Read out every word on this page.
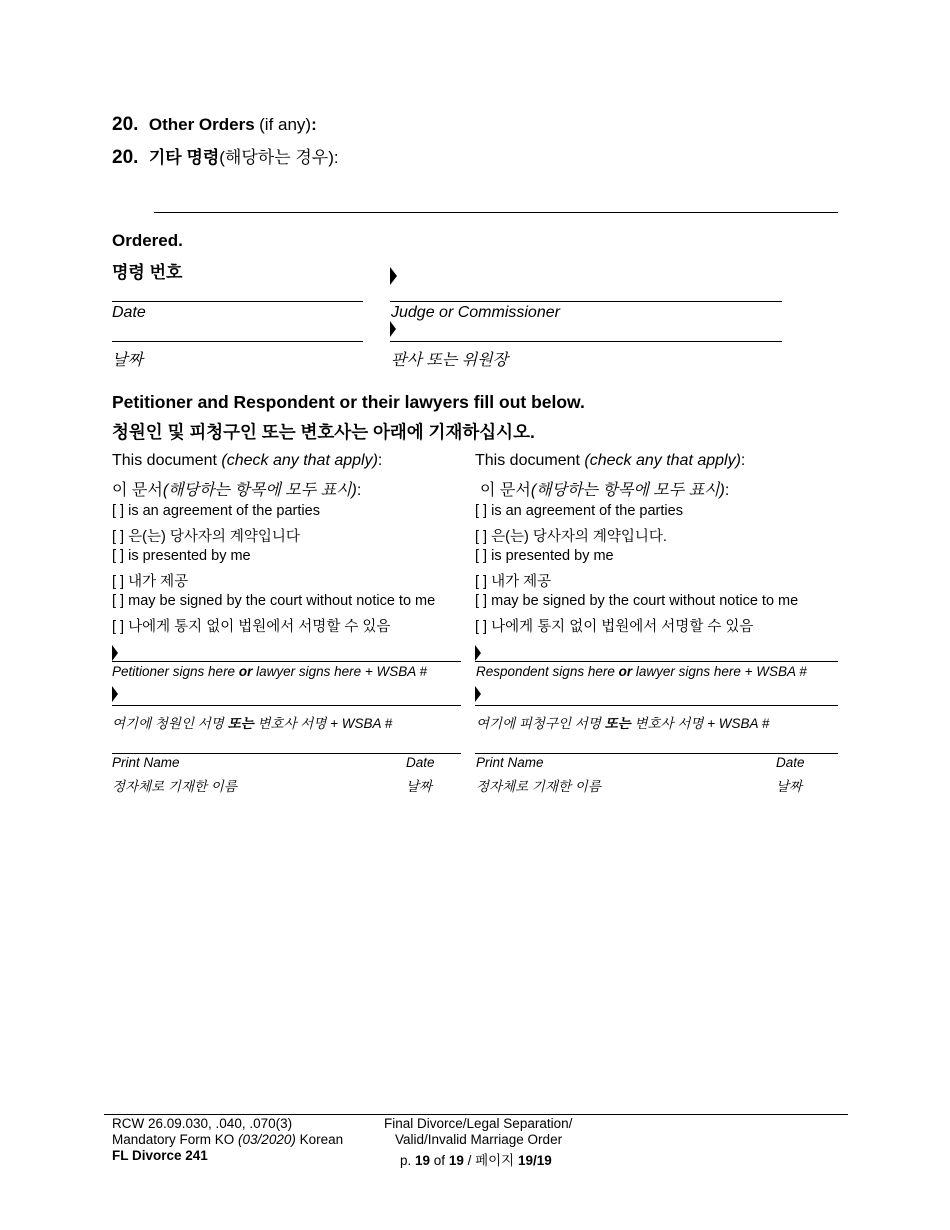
20. Other Orders (if any):
20. 기타 명령(해당하는 경우):
Ordered.
명령 번호
Date	Judge or Commissioner
날짜	판사 또는 위원장
Petitioner and Respondent or their lawyers fill out below.
청원인 및 피청구인 또는 변호사는 아래에 기재하십시오.
This document (check any that apply):
이 문서(해당하는 항목에 모두 표시):
[ ] is an agreement of the parties
[ ] 은(는) 당사자의 계약입니다
[ ] is presented by me
[ ] 내가 제공
[ ] may be signed by the court without notice to me
[ ] 나에게 통지 없이 법원에서 서명할 수 있음
Petitioner signs here or lawyer signs here + WSBA #
여기에 청원인 서명 또는 변호사 서명 + WSBA #
Print Name	Date
정자체로 기재한 이름	날짜
This document (check any that apply):
이 문서(해당하는 항목에 모두 표시):
[ ] is an agreement of the parties
[ ] 은(는) 당사자의 계약입니다.
[ ] is presented by me
[ ] 내가 제공
[ ] may be signed by the court without notice to me
[ ] 나에게 통지 없이 법원에서 서명할 수 있음
Respondent signs here or lawyer signs here + WSBA #
여기에 피청구인 서명 또는 변호사 서명 + WSBA #
Print Name	Date
정자체로 기재한 이름	날짜
RCW 26.09.030, .040, .070(3)
Mandatory Form KO (03/2020) Korean
FL Divorce 241
Final Divorce/Legal Separation/
Valid/Invalid Marriage Order
p. 19 of 19 / 페이지 19/19
